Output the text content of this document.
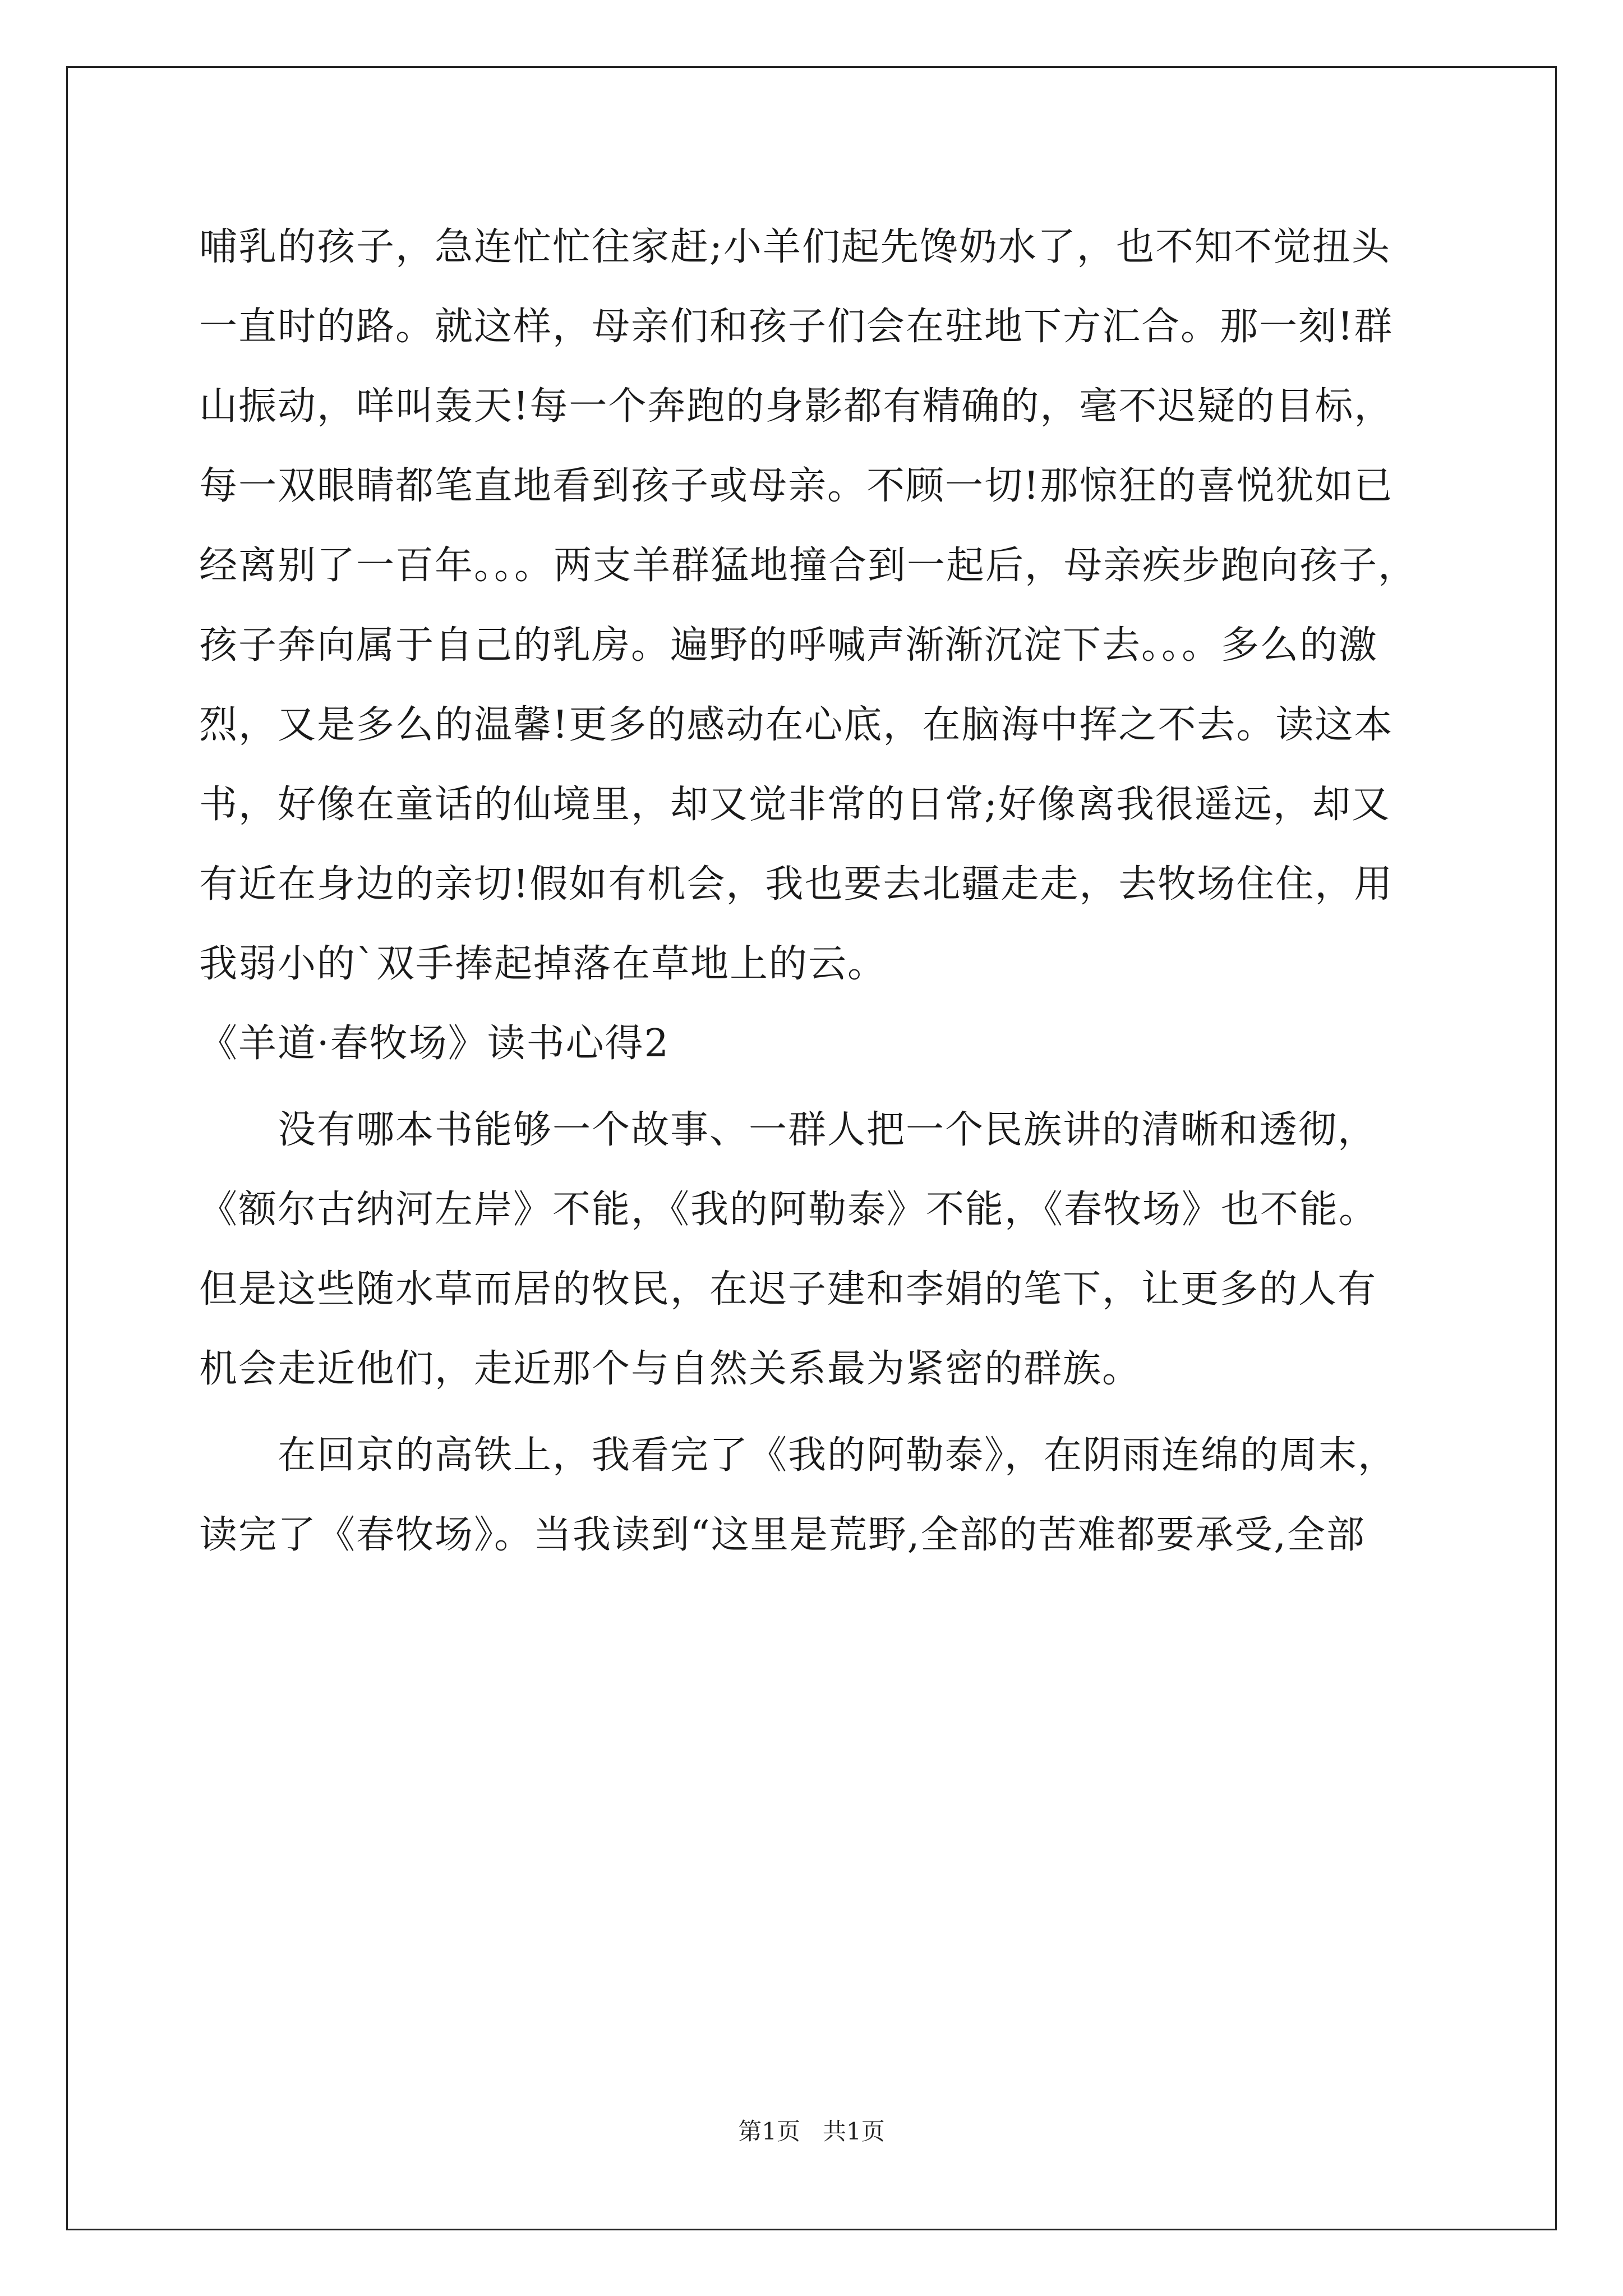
哺乳的孩子，急连忙忙往家赶;小羊们起先馋奶水了，也不知不觉扭头
一直时的路。就这样，母亲们和孩子们会在驻地下方汇合。那一刻!群
山振动，咩叫轰天!每一个奔跑的身影都有精确的，毫不迟疑的目标，
每一双眼睛都笔直地看到孩子或母亲。不顾一切!那惊狂的喜悦犹如已
经离别了一百年。。。两支羊群猛地撞合到一起后，母亲疾步跑向孩子，
孩子奔向属于自己的乳房。遍野的呼喊声渐渐沉淀下去。。。多么的激
烈，又是多么的温馨!更多的感动在心底，在脑海中挥之不去。读这本
书，好像在童话的仙境里，却又觉非常的日常;好像离我很遥远，却又
有近在身边的亲切!假如有机会，我也要去北疆走走，去牧场住住，用
我弱小的`双手捧起掉落在草地上的云。
《羊道·春牧场》读书心得2
　　没有哪本书能够一个故事、一群人把一个民族讲的清晰和透彻，
《额尔古纳河左岸》不能，《我的阿勒泰》不能，《春牧场》也不能。
但是这些随水草而居的牧民，在迟子建和李娟的笔下，让更多的人有
机会走近他们，走近那个与自然关系最为紧密的群族。
　　在回京的高铁上，我看完了《我的阿勒泰》，在阴雨连绵的周末，
读完了《春牧场》。当我读到“这里是荒野,全部的苦难都要承受,全部
第1页 共1页
